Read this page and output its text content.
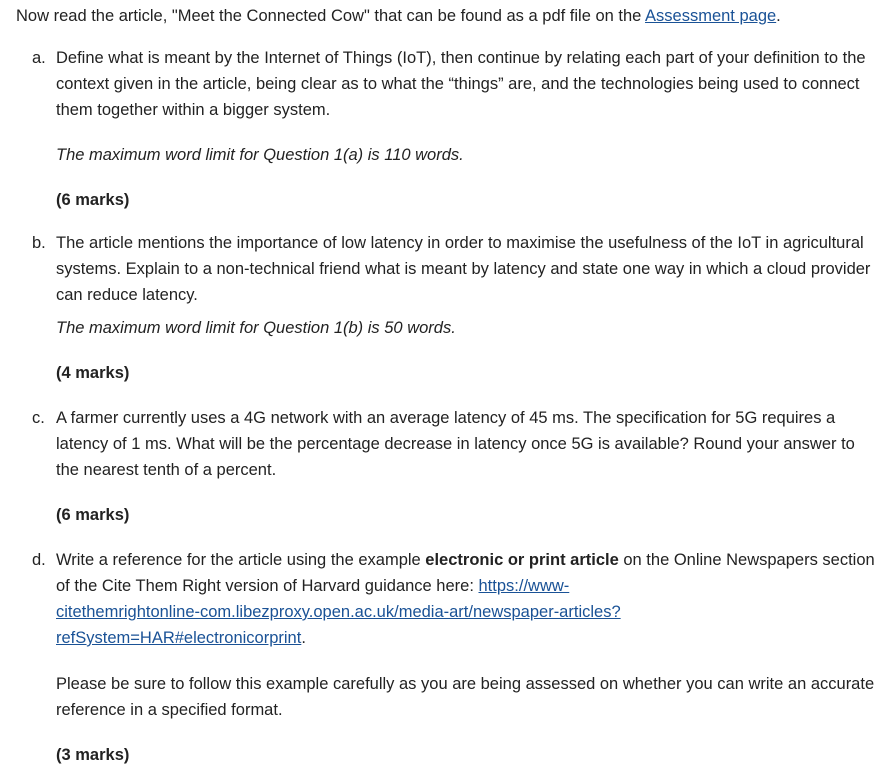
Now read the article, "Meet the Connected Cow" that can be found as a pdf file on the Assessment page.

a. Define what is meant by the Internet of Things (IoT), then continue by relating each part of your definition to the context given in the article, being clear as to what the “things” are, and the technologies being used to connect them together within a bigger system.

The maximum word limit for Question 1(a) is 110 words.

(6 marks)

b. The article mentions the importance of low latency in order to maximise the usefulness of the IoT in agricultural systems. Explain to a non-technical friend what is meant by latency and state one way in which a cloud provider can reduce latency.

The maximum word limit for Question 1(b) is 50 words.

(4 marks)

c. A farmer currently uses a 4G network with an average latency of 45 ms. The specification for 5G requires a latency of 1 ms. What will be the percentage decrease in latency once 5G is available? Round your answer to the nearest tenth of a percent.

(6 marks)

d. Write a reference for the article using the example electronic or print article on the Online Newspapers section of the Cite Them Right version of Harvard guidance here: https://www-
citethemrightonline-com.libezproxy.open.ac.uk/media-art/newspaper-articles?
refSystem=HAR#electronicorprint.

Please be sure to follow this example carefully as you are being assessed on whether you can write an accurate reference in a specified format.

(3 marks)
